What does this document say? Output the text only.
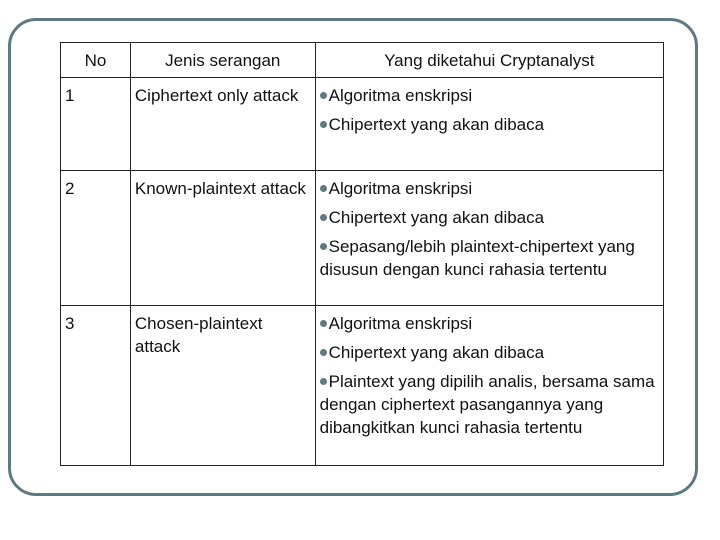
No	Jenis serangan	Yang diketahui Cryptanalyst
1	Ciphertext only attack	Algoritma enskripsi
Chipertext yang akan dibaca

2	Known-plaintext attack	Algoritma enskripsi
Chipertext yang akan dibaca
Sepasang/lebih plaintext-chipertext yang disusun dengan kunci rahasia tertentu

3	Chosen-plaintext attack	Algoritma enskripsi
Chipertext yang akan dibaca
Plaintext yang dipilih analis, bersama sama dengan ciphertext pasangannya yang dibangkitkan kunci rahasia tertentu
